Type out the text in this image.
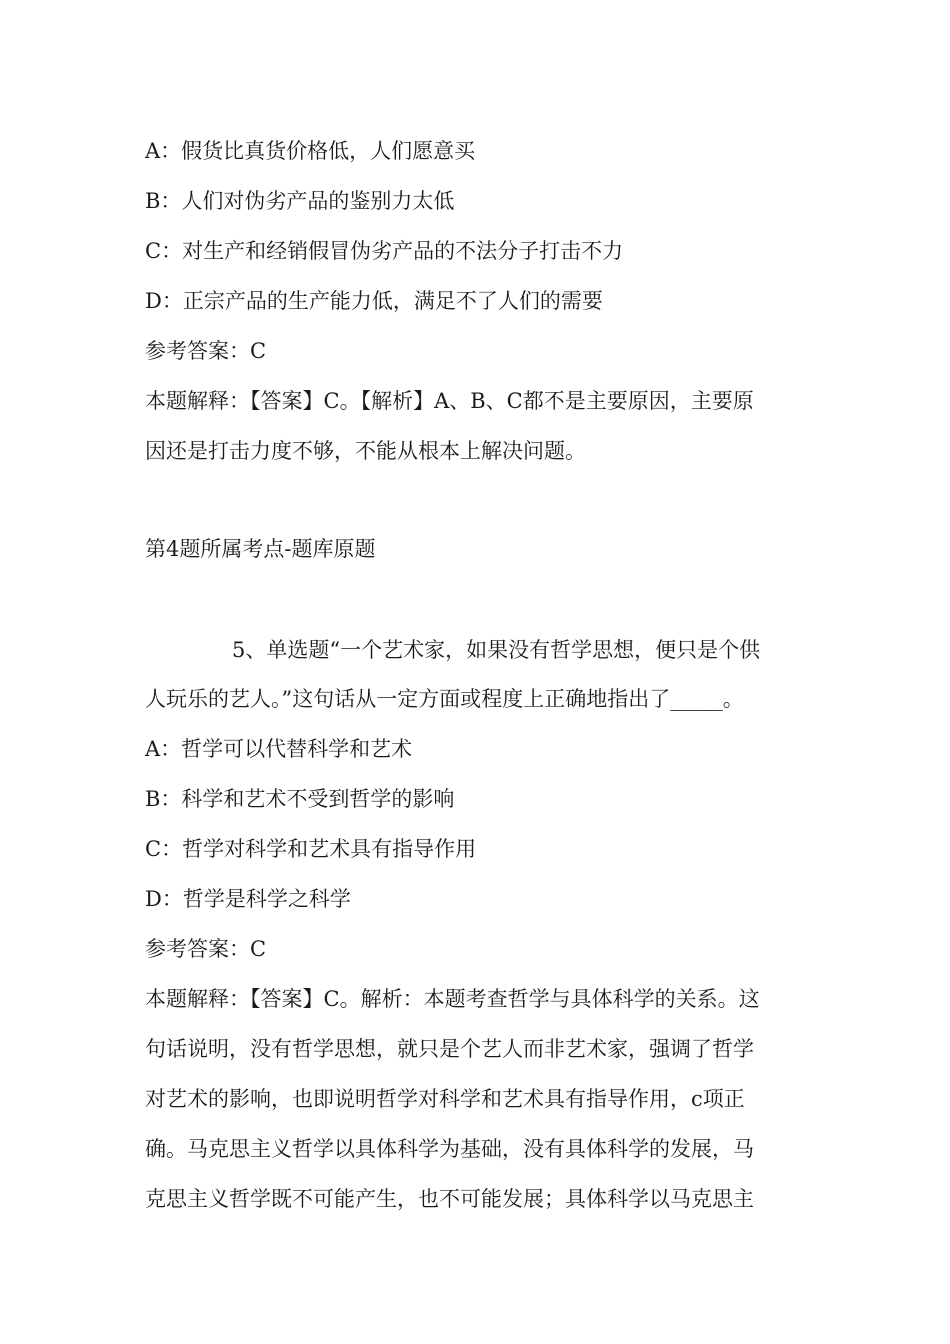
A：假货比真货价格低，人们愿意买
B：人们对伪劣产品的鉴别力太低
C：对生产和经销假冒伪劣产品的不法分子打击不力
D：正宗产品的生产能力低，满足不了人们的需要
参考答案：C
本题解释：【答案】C。【解析】A、B、C都不是主要原因，主要原
因还是打击力度不够，不能从根本上解决问题。
第4题所属考点-题库原题
5、单选题“一个艺术家，如果没有哲学思想，便只是个供
人玩乐的艺人。”这句话从一定方面或程度上正确地指出了_____。
A：哲学可以代替科学和艺术
B：科学和艺术不受到哲学的影响
C：哲学对科学和艺术具有指导作用
D：哲学是科学之科学
参考答案：C
本题解释：【答案】C。解析：本题考查哲学与具体科学的关系。这
句话说明，没有哲学思想，就只是个艺人而非艺术家，强调了哲学
对艺术的影响，也即说明哲学对科学和艺术具有指导作用，c项正
确。马克思主义哲学以具体科学为基础，没有具体科学的发展，马
克思主义哲学既不可能产生，也不可能发展；具体科学以马克思主
